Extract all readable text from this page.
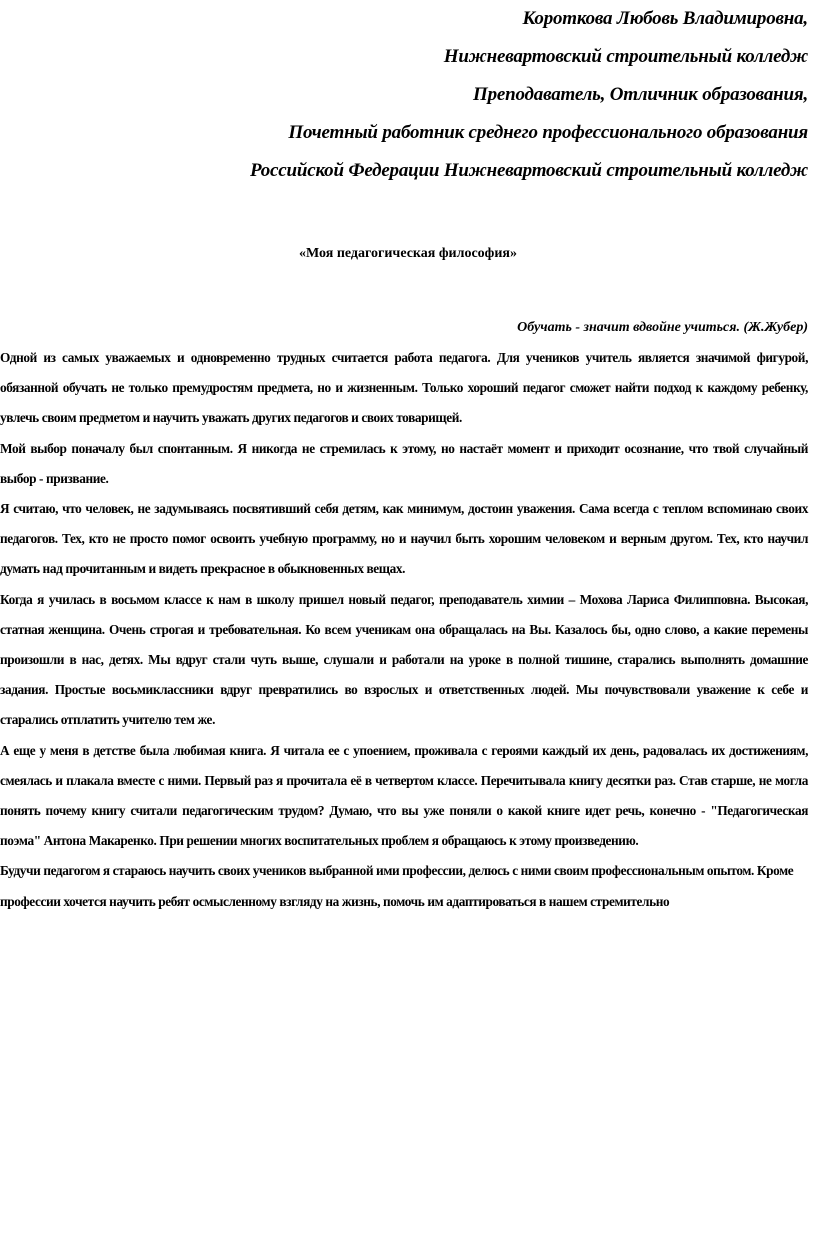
Короткова Любовь Владимировна,
Нижневартовский строительный колледж
Преподаватель, Отличник образования,
Почетный работник среднего профессионального образования
Российской Федерации Нижневартовский строительный колледж
«Моя педагогическая философия»
Обучать - значит вдвойне учиться. (Ж.Жубер)

Одной из самых уважаемых и одновременно трудных считается работа педагога. Для учеников учитель является значимой фигурой, обязанной обучать не только премудростям предмета, но и жизненным. Только хороший педагог сможет найти подход к каждому ребенку, увлечь своим предметом и научить уважать других педагогов и своих товарищей.

Мой выбор поначалу был спонтанным. Я никогда не стремилась к этому, но настаёт момент и приходит осознание, что твой случайный выбор - призвание.

Я считаю, что человек, не задумываясь посвятивший себя детям, как минимум, достоин уважения. Сама всегда с теплом вспоминаю своих педагогов. Тех, кто не просто помог освоить учебную программу, но и научил быть хорошим человеком и верным другом. Тех, кто научил думать над прочитанным и видеть прекрасное в обыкновенных вещах.

Когда я училась в восьмом классе к нам в школу пришел новый педагог, преподаватель химии – Мохова Лариса Филипповна. Высокая, статная женщина. Очень строгая и требовательная. Ко всем ученикам она обращалась на Вы. Казалось бы, одно слово, а какие перемены произошли в нас, детях. Мы вдруг стали чуть выше, слушали и работали на уроке в полной тишине, старались выполнять домашние задания. Простые восьмиклассники вдруг превратились во взрослых и ответственных людей. Мы почувствовали уважение к себе и старались отплатить учителю тем же.

А еще у меня в детстве была любимая книга. Я читала ее с упоением, проживала с героями каждый их день, радовалась их достижениям, смеялась и плакала вместе с ними. Первый раз я прочитала её в четвертом классе. Перечитывала книгу десятки раз. Став старше, не могла понять почему книгу считали педагогическим трудом? Думаю, что вы уже поняли о какой книге идет речь, конечно - "Педагогическая поэма" Антона Макаренко. При решении многих воспитательных проблем я обращаюсь к этому произведению.

Будучи педагогом я стараюсь научить своих учеников выбранной ими профессии, делюсь с ними своим профессиональным опытом. Кроме профессии хочется научить ребят осмысленному взгляду на жизнь, помочь им адаптироваться в нашем стремительно
